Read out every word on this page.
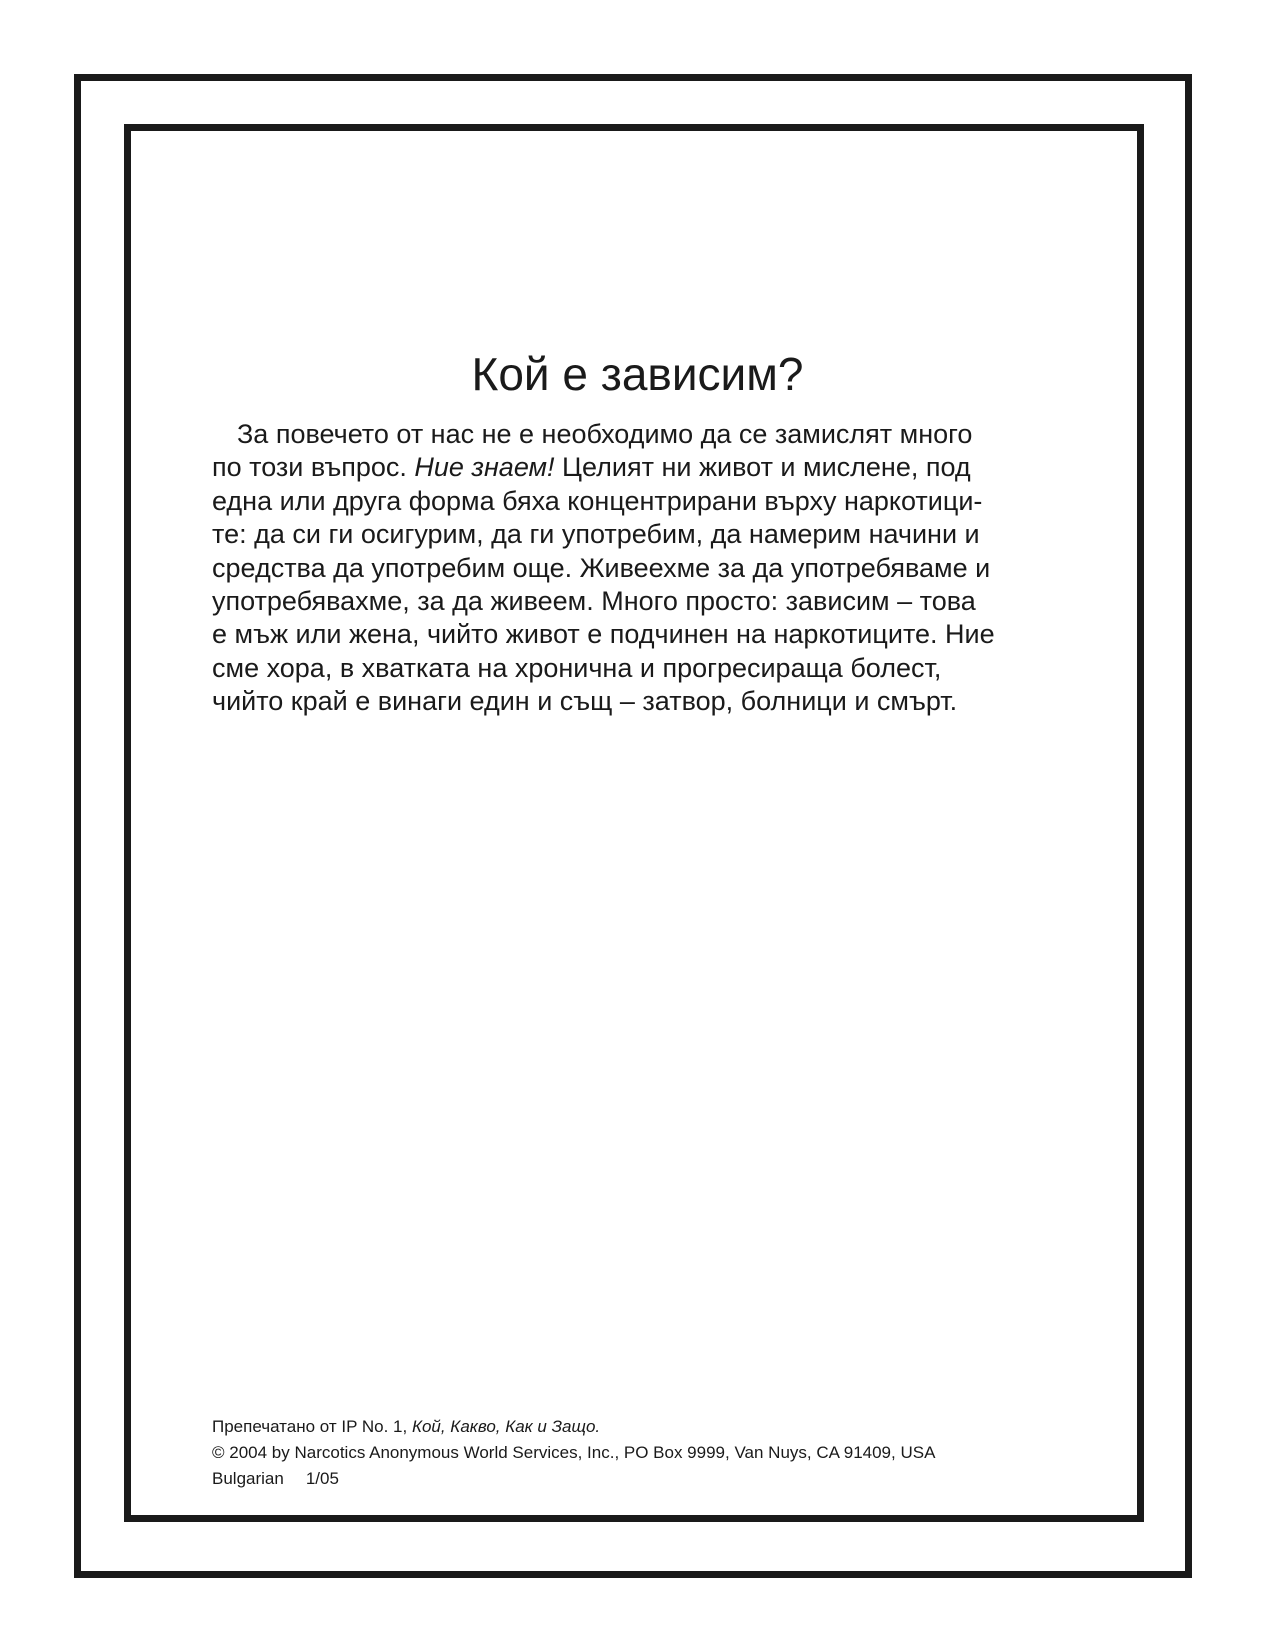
Кой е зависим?
За повечето от нас не е необходимо да се замислят много
по този въпрос. Ние знаем! Целият ни живот и мислене, под
една или друга форма бяха концентрирани върху наркотици-
те: да си ги осигурим, да ги употребим, да намерим начини и
средства да употребим още. Живеехме за да употребяваме и
употребявахме, за да живеем. Много просто: зависим – това
е мъж или жена, чийто живот е подчинен на наркотиците. Ние
сме хора, в хватката на хронична и прогресираща болест,
чийто край е винаги един и същ – затвор, болници и смърт.
Препечатано от IP No. 1, Кой, Какво, Как и Защо.
© 2004 by Narcotics Anonymous World Services, Inc., PO Box 9999, Van Nuys, CA 91409, USA
Bulgarian 1/05
